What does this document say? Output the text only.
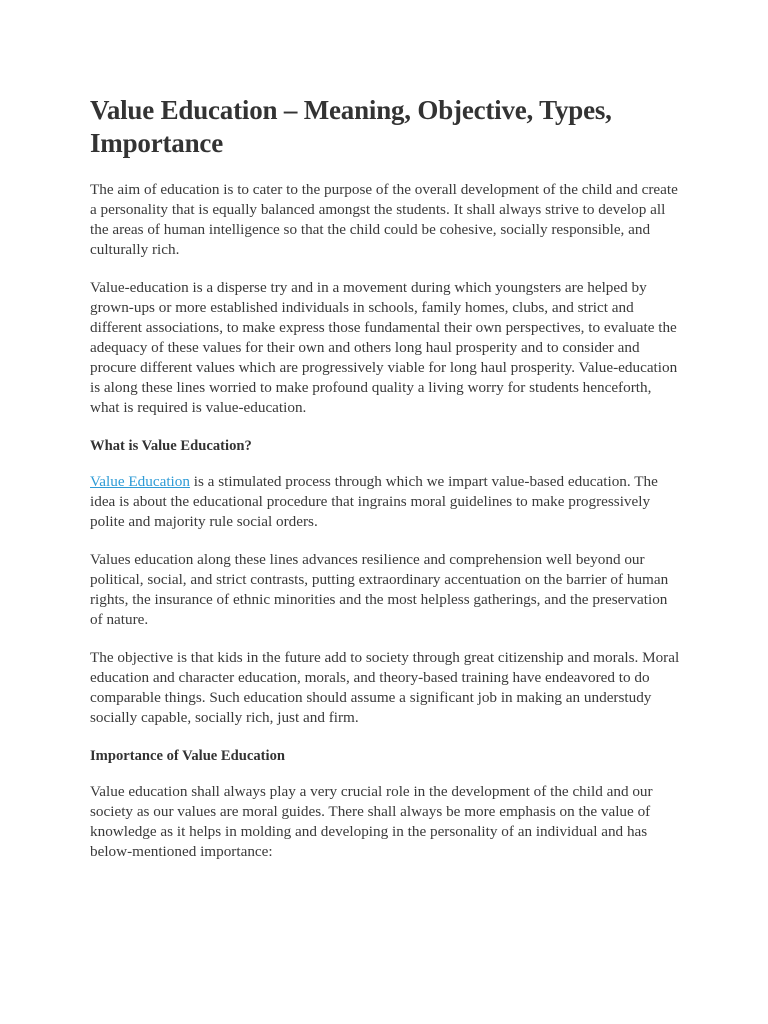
Value Education – Meaning, Objective, Types, Importance

The aim of education is to cater to the purpose of the overall development of the child and create a personality that is equally balanced amongst the students. It shall always strive to develop all the areas of human intelligence so that the child could be cohesive, socially responsible, and culturally rich.

Value-education is a disperse try and in a movement during which youngsters are helped by grown-ups or more established individuals in schools, family homes, clubs, and strict and different associations, to make express those fundamental their own perspectives, to evaluate the adequacy of these values for their own and others long haul prosperity and to consider and procure different values which are progressively viable for long haul prosperity. Value-education is along these lines worried to make profound quality a living worry for students henceforth, what is required is value-education.

What is Value Education?

Value Education is a stimulated process through which we impart value-based education. The idea is about the educational procedure that ingrains moral guidelines to make progressively polite and majority rule social orders.

Values education along these lines advances resilience and comprehension well beyond our political, social, and strict contrasts, putting extraordinary accentuation on the barrier of human rights, the insurance of ethnic minorities and the most helpless gatherings, and the preservation of nature.

The objective is that kids in the future add to society through great citizenship and morals. Moral education and character education, morals, and theory-based training have endeavored to do comparable things. Such education should assume a significant job in making an understudy socially capable, socially rich, just and firm.

Importance of Value Education

Value education shall always play a very crucial role in the development of the child and our society as our values are moral guides. There shall always be more emphasis on the value of knowledge as it helps in molding and developing in the personality of an individual and has below-mentioned importance:
